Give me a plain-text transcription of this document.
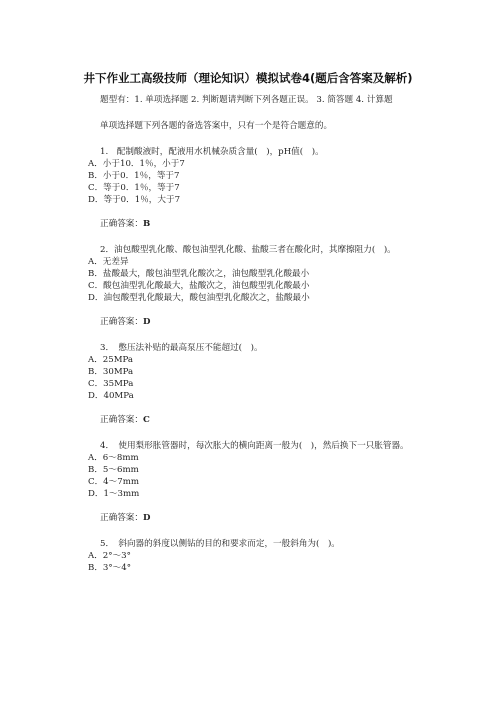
井下作业工高级技师（理论知识）模拟试卷4(题后含答案及解析)
题型有：1. 单项选择题 2. 判断题请判断下列各题正误。 3. 简答题 4. 计算题
单项选择题下列各题的备选答案中，只有一个是符合题意的。
1.　配制酸液时，配液用水机械杂质含量(　)，pH值(　)。
A．小于10．1％，小于7
B．小于0．1％，等于7
C．等于0．1％，等于7
D．等于0．1％，大于7
正确答案：B
2．油包酸型乳化酸、酸包油型乳化酸、盐酸三者在酸化时，其摩擦阻力(　)。
A．无差异
B．盐酸最大，酸包油型乳化酸次之，油包酸型乳化酸最小
C．酸包油型乳化酸最大，盐酸次之，油包酸型乳化酸最小
D．油包酸型乳化酸最大，酸包油型乳化酸次之，盐酸最小
正确答案：D
3．　憋压法补贴的最高泵压不能超过(　)。
A．25MPa
B．30MPa
C．35MPa
D．40MPa
正确答案：C
4．　使用梨形胀管器时，每次胀大的横向距离一般为(　)，然后换下一只胀管器。
A．6～8mm
B．5～6mm
C．4～7mm
D．1～3mm
正确答案：D
5．　斜向器的斜度以侧钻的目的和要求而定，一般斜角为(　)。
A．2°～3°
B．3°～4°
